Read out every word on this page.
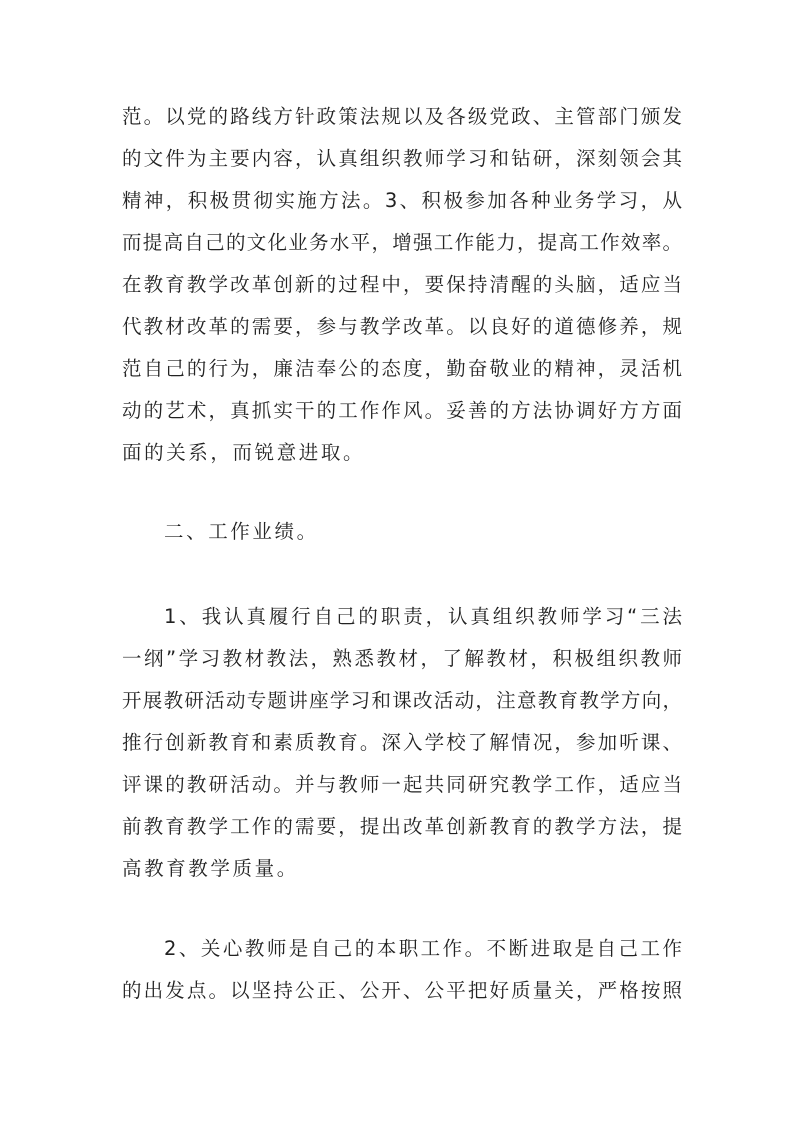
范。以党的路线方针政策法规以及各级党政、主管部门颁发
的文件为主要内容，认真组织教师学习和钻研，深刻领会其
精神，积极贯彻实施方法。3、积极参加各种业务学习，从
而提高自己的文化业务水平，增强工作能力，提高工作效率。
在教育教学改革创新的过程中，要保持清醒的头脑，适应当
代教材改革的需要，参与教学改革。以良好的道德修养，规
范自己的行为，廉洁奉公的态度，勤奋敬业的精神，灵活机
动的艺术，真抓实干的工作作风。妥善的方法协调好方方面
面的关系，而锐意进取。
二、工作业绩。
1、我认真履行自己的职责，认真组织教师学习“三法
一纲”学习教材教法，熟悉教材，了解教材，积极组织教师
开展教研活动专题讲座学习和课改活动，注意教育教学方向，
推行创新教育和素质教育。深入学校了解情况，参加听课、
评课的教研活动。并与教师一起共同研究教学工作，适应当
前教育教学工作的需要，提出改革创新教育的教学方法，提
高教育教学质量。
2、关心教师是自己的本职工作。不断进取是自己工作
的出发点。以坚持公正、公开、公平把好质量关，严格按照
